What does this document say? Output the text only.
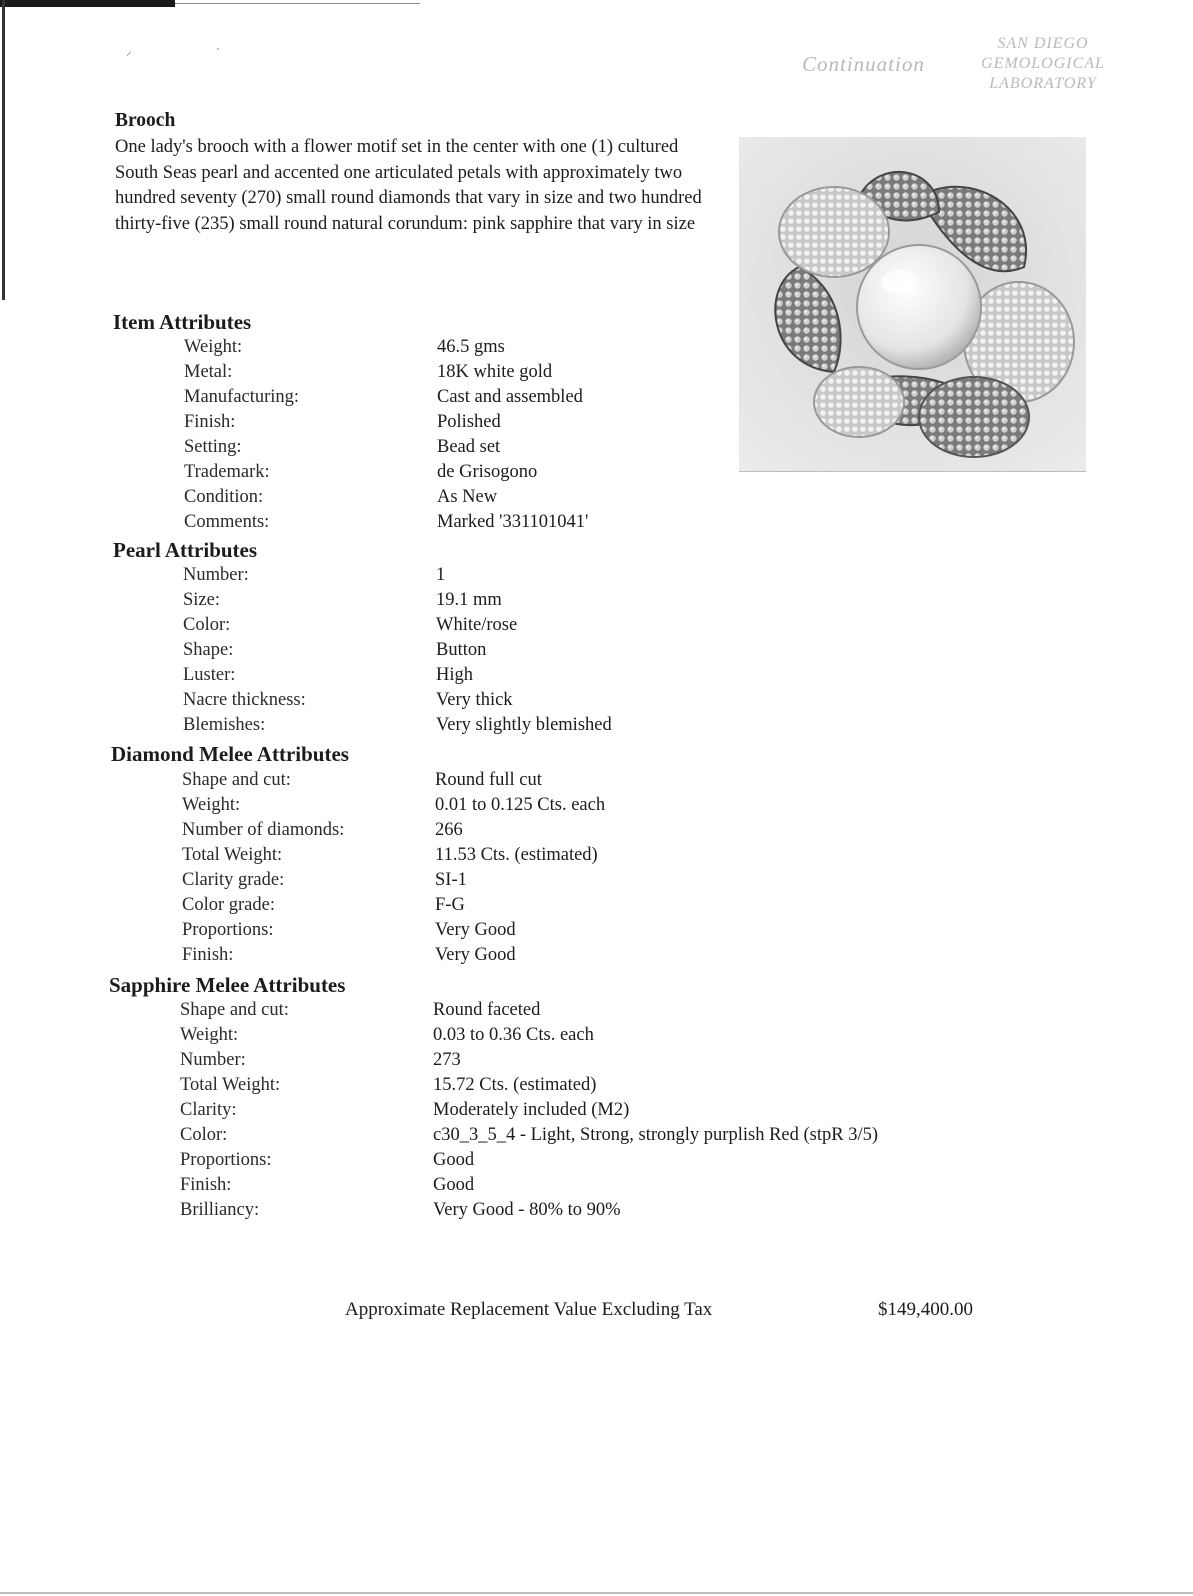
⸝	·
Continuation
SAN DIEGO
GEMOLOGICAL
LABORATORY
Brooch
One lady's brooch with a flower motif set in the center with one (1) cultured South Seas pearl and accented one articulated petals with approximately two hundred seventy (270) small round diamonds that vary in size and two hundred thirty-five (235) small round natural corundum: pink sapphire that vary in size
Item Attributes
Weight:	46.5 gms
Metal:	18K white gold
Manufacturing:	Cast and assembled
Finish:	Polished
Setting:	Bead set
Trademark:	de Grisogono
Condition:	As New
Comments:	Marked '331101041'
Pearl Attributes
Number:	1
Size:	19.1 mm
Color:	White/rose
Shape:	Button
Luster:	High
Nacre thickness:	Very thick
Blemishes:	Very slightly blemished
Diamond Melee Attributes
Shape and cut:	Round full cut
Weight:	0.01 to 0.125 Cts. each
Number of diamonds:	266
Total Weight:	11.53 Cts. (estimated)
Clarity grade:	SI-1
Color grade:	F-G
Proportions:	Very Good
Finish:	Very Good
Sapphire Melee Attributes
Shape and cut:	Round faceted
Weight:	0.03 to 0.36 Cts. each
Number:	273
Total Weight:	15.72 Cts. (estimated)
Clarity:	Moderately included (M2)
Color:	c30_3_5_4 - Light, Strong, strongly purplish Red (stpR 3/5)
Proportions:	Good
Finish:	Good
Brilliancy:	Very Good - 80% to 90%
Approximate Replacement Value Excluding Tax	$149,400.00
